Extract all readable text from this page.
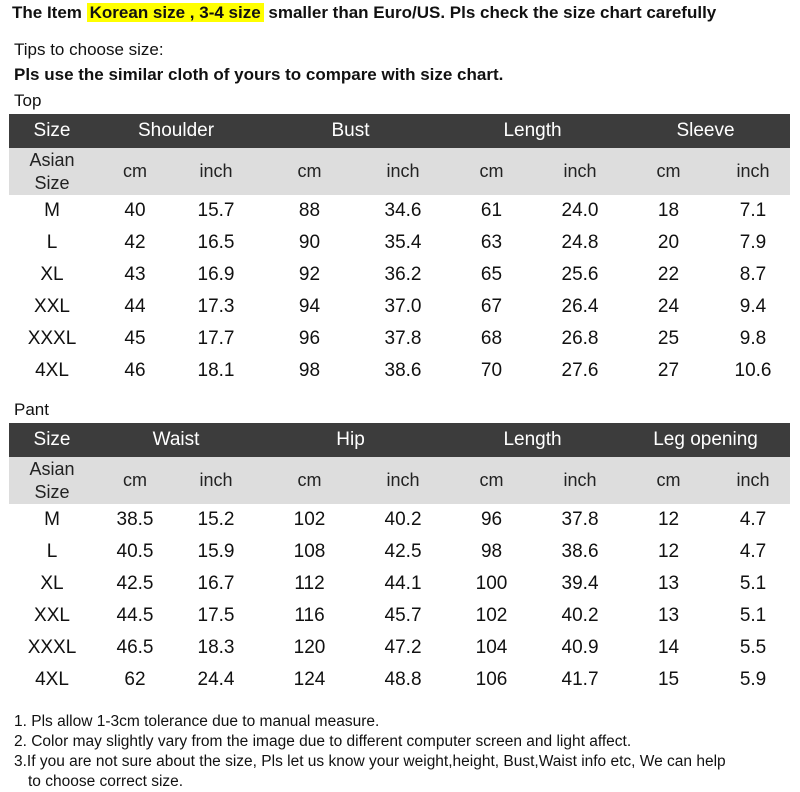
The Item Korean size , 3-4 size smaller than Euro/US. Pls check the size chart carefully
Tips to choose size:
Pls use the similar cloth of yours to compare with size chart.
Top
Size	Shoulder		Bust		Length		Sleeve	

Asian
Size	cm	inch	cm	inch	cm	inch	cm	inch
M	40	15.7	88	34.6	61	24.0	18	7.1
L	42	16.5	90	35.4	63	24.8	20	7.9
XL	43	16.9	92	36.2	65	25.6	22	8.7
XXL	44	17.3	94	37.0	67	26.4	24	9.4
XXXL	45	17.7	96	37.8	68	26.8	25	9.8
4XL	46	18.1	98	38.6	70	27.6	27	10.6
Pant
Size	Waist		Hip		Length		Leg opening	

Asian
Size	cm	inch	cm	inch	cm	inch	cm	inch
M	38.5	15.2	102	40.2	96	37.8	12	4.7
L	40.5	15.9	108	42.5	98	38.6	12	4.7
XL	42.5	16.7	112	44.1	100	39.4	13	5.1
XXL	44.5	17.5	116	45.7	102	40.2	13	5.1
XXXL	46.5	18.3	120	47.2	104	40.9	14	5.5
4XL	62	24.4	124	48.8	106	41.7	15	5.9
1. Pls allow 1-3cm tolerance due to manual measure.
2. Color may slightly vary from the image due to different computer screen and light affect.
3.If you are not sure about the size, Pls let us know your weight,height, Bust,Waist info etc, We can help
to choose correct size.
